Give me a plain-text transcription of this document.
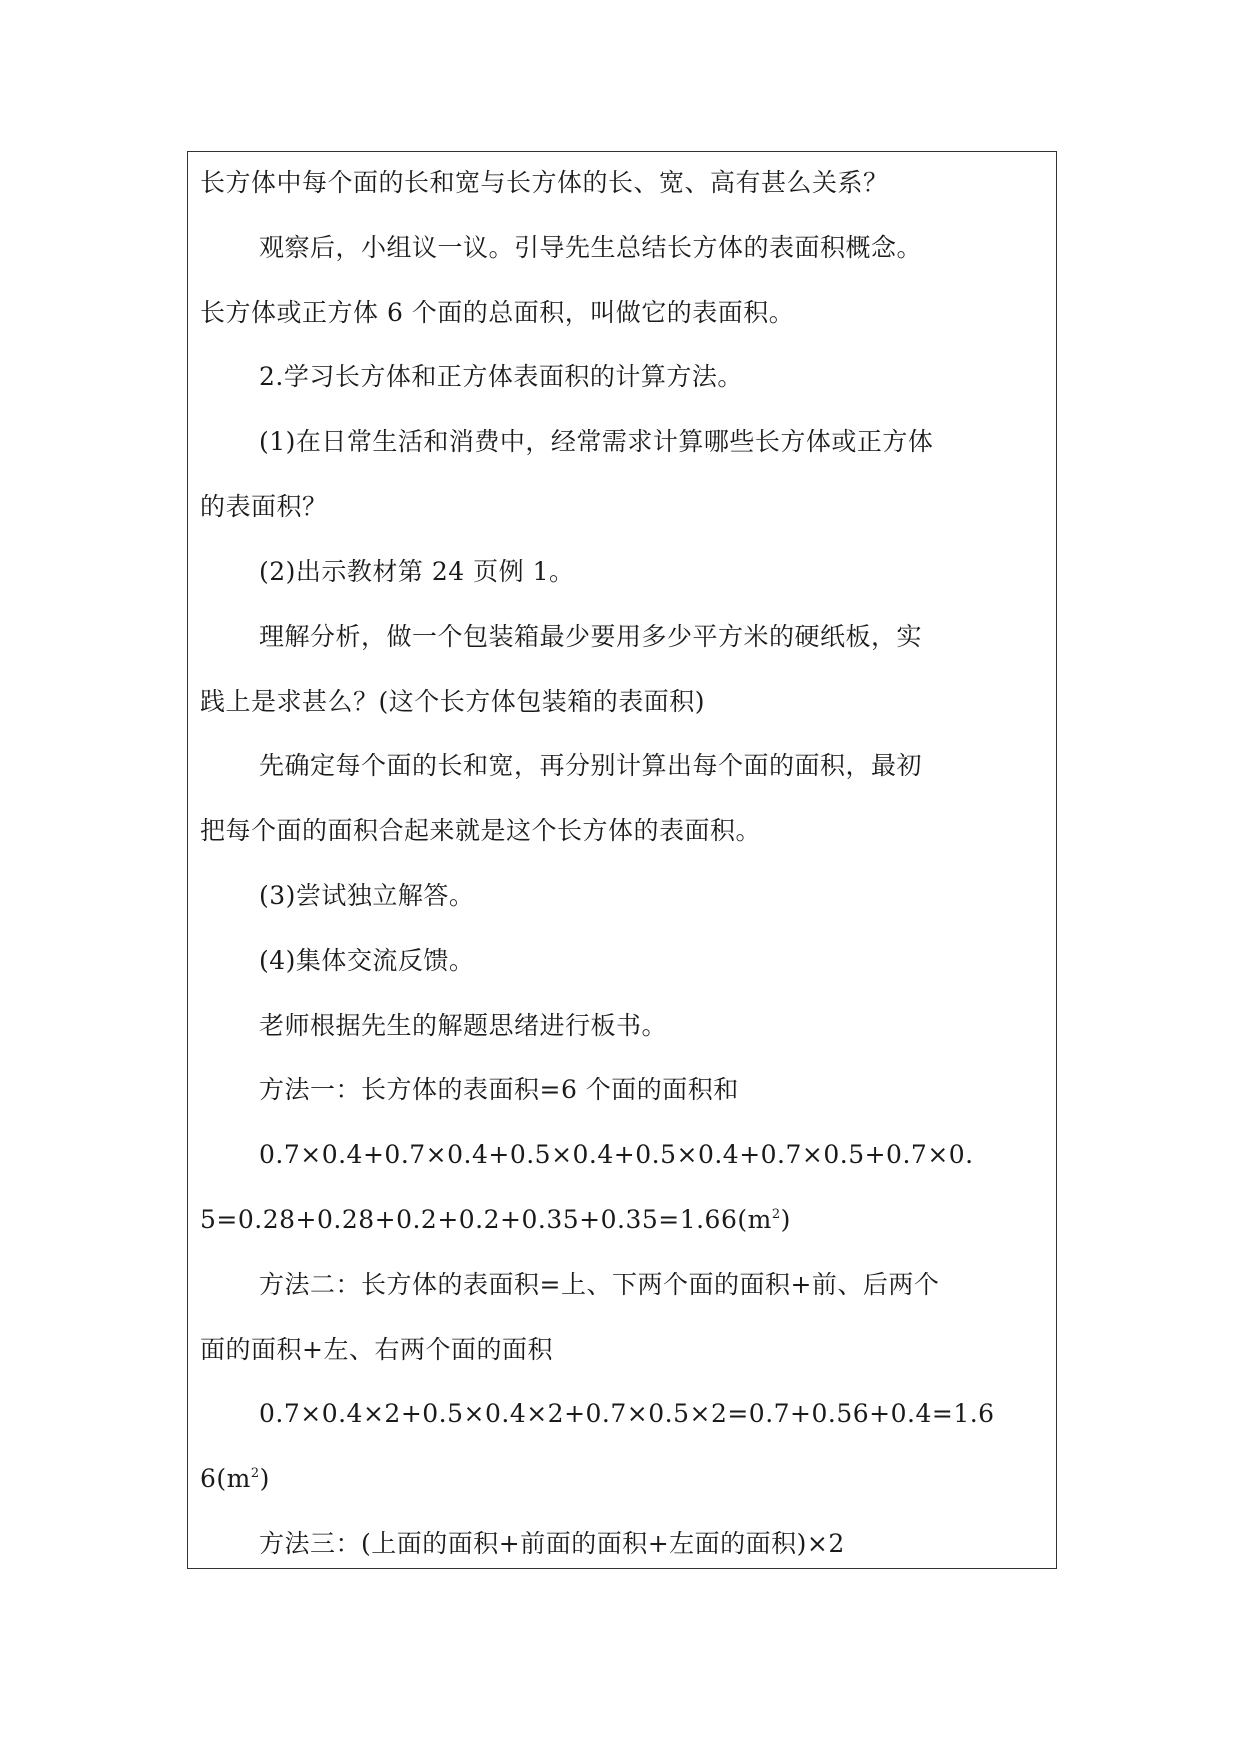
长方体中每个面的长和宽与长方体的长、宽、高有甚么关系？
观察后，小组议一议。引导先生总结长方体的表面积概念。
长方体或正方体 6 个面的总面积，叫做它的表面积。
2.学习长方体和正方体表面积的计算方法。
(1)在日常生活和消费中，经常需求计算哪些长方体或正方体
的表面积？
(2)出示教材第 24 页例 1。
理解分析，做一个包装箱最少要用多少平方米的硬纸板，实
践上是求甚么？(这个长方体包装箱的表面积)
先确定每个面的长和宽，再分别计算出每个面的面积，最初
把每个面的面积合起来就是这个长方体的表面积。
(3)尝试独立解答。
(4)集体交流反馈。
老师根据先生的解题思绪进行板书。
方法一：长方体的表面积=6 个面的面积和
0.7×0.4+0.7×0.4+0.5×0.4+0.5×0.4+0.7×0.5+0.7×0.
$5=0.28+0.28+0.2+0.2+0.35+0.35=1.66(m^2)$
方法二：长方体的表面积=上、下两个面的面积+前、后两个
面的面积+左、右两个面的面积
0.7×0.4×2+0.5×0.4×2+0.7×0.5×2=0.7+0.56+0.4=1.6
$6(m^2)$
方法三：(上面的面积+前面的面积+左面的面积)×2
